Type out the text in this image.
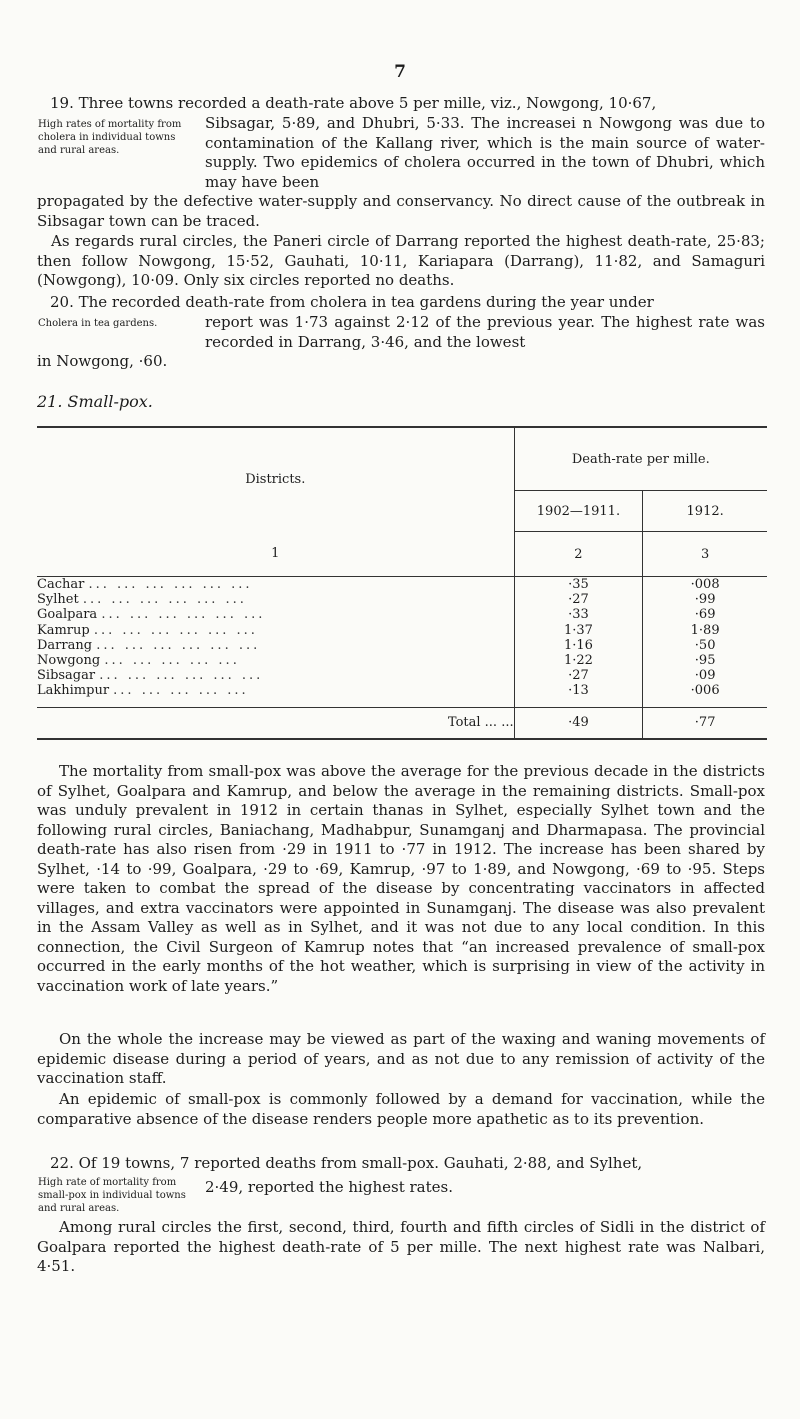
7
19. Three towns recorded a death-rate above 5 per mille, viz., Nowgong, 10·67,
High rates of mortality from cholera in individual towns and rural areas.
Sibsagar, 5·89, and Dhubri, 5·33. The increasei n Nowgong was due to contamination of the Kallang river, which is the main source of water-supply. Two epidemics of cholera occurred in the town of Dhubri, which may have been
propagated by the defective water-supply and conservancy. No direct cause of the outbreak in Sibsagar town can be traced.
As regards rural circles, the Paneri circle of Darrang reported the highest death-rate, 25·83; then follow Nowgong, 15·52, Gauhati, 10·11, Kariapara (Darrang), 11·82, and Samaguri (Nowgong), 10·09. Only six circles reported no deaths.
20. The recorded death-rate from cholera in tea gardens during the year under
Cholera in tea gardens.	report was 1·73 against 2·12 of the previous year. The highest rate was recorded in Darrang, 3·46, and the lowest
in Nowgong, ·60.
21. Small-pox.
Districts.	Death-rate per mille.	
	1902—1911.	1912.
1	2	3
Cachar ... ... ... ... ... ...	·35	·008
Sylhet ... ... ... ... ... ...	·27	·99
Goalpara ... ... ... ... ... ...	·33	·69
Kamrup ... ... ... ... ... ...	1·37	1·89
Darrang ... ... ... ... ... ...	1·16	·50
Nowgong ... ... ... ... ...	1·22	·95
Sibsagar ... ... ... ... ... ...	·27	·09
Lakhimpur ... ... ... ... ...	·13	·006
Total ... ...	·49	·77
The mortality from small-pox was above the average for the previous decade in the districts of Sylhet, Goalpara and Kamrup, and below the average in the remaining districts. Small-pox was unduly prevalent in 1912 in certain thanas in Sylhet, especially Sylhet town and the following rural circles, Baniachang, Madhabpur, Sunamganj and Dharmapasa. The provincial death-rate has also risen from ·29 in 1911 to ·77 in 1912. The increase has been shared by Sylhet, ·14 to ·99, Goalpara, ·29 to ·69, Kamrup, ·97 to 1·89, and Nowgong, ·69 to ·95. Steps were taken to combat the spread of the disease by concentrating vaccinators in affected villages, and extra vaccinators were appointed in Sunamganj. The disease was also prevalent in the Assam Valley as well as in Sylhet, and it was not due to any local condition. In this connection, the Civil Surgeon of Kamrup notes that “an increased prevalence of small-pox occurred in the early months of the hot weather, which is surprising in view of the activity in vaccination work of late years.”
On the whole the increase may be viewed as part of the waxing and waning movements of epidemic disease during a period of years, and as not due to any remission of activity of the vaccination staff.
An epidemic of small-pox is commonly followed by a demand for vaccination, while the comparative absence of the disease renders people more apathetic as to its prevention.
22. Of 19 towns, 7 reported deaths from small-pox. Gauhati, 2·88, and Sylhet,
High rate of mortality from small-pox in individual towns and rural areas.
2·49, reported the highest rates.
Among rural circles the first, second, third, fourth and fifth circles of Sidli in the district of Goalpara reported the highest death-rate of 5 per mille. The next highest rate was Nalbari, 4·51.
